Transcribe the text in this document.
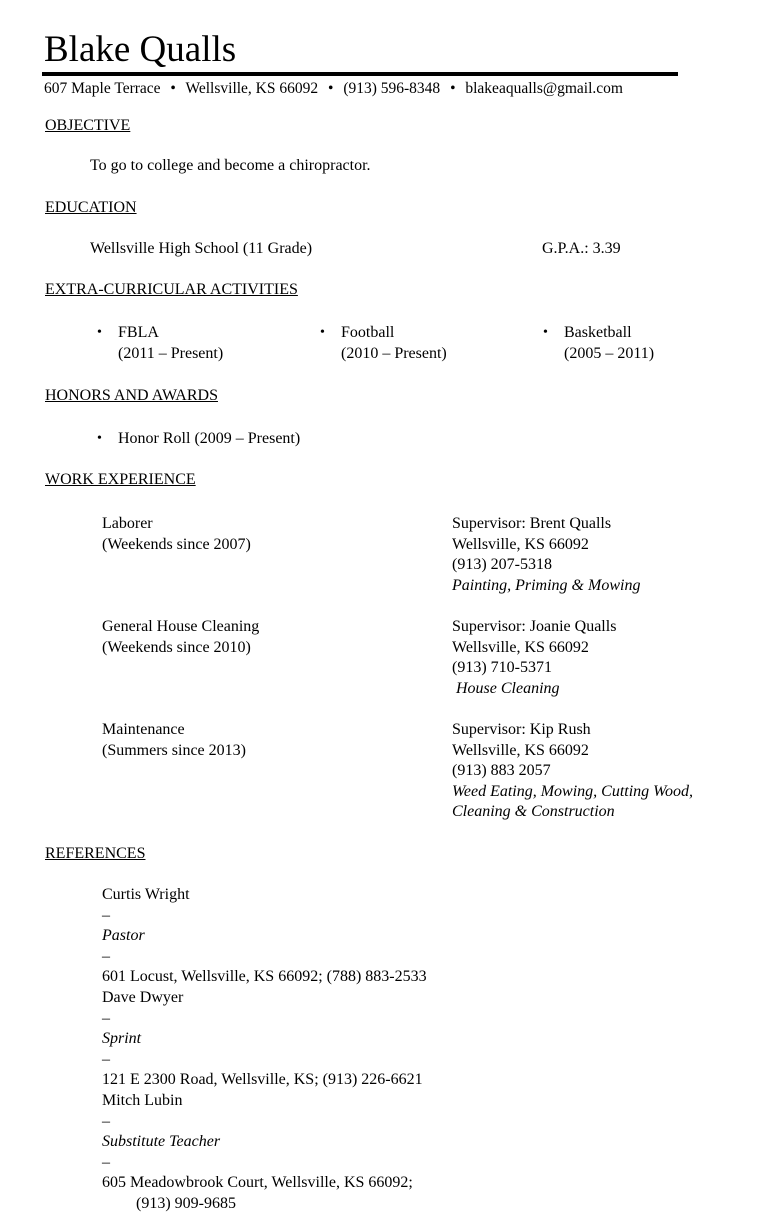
Blake Qualls
607 Maple Terrace • Wellsville, KS 66092 • (913) 596-8348 • blakeaqualls@gmail.com
OBJECTIVE
To go to college and become a chiropractor.
EDUCATION
Wellsville High School (11 Grade)	G.P.A.: 3.39
EXTRA-CURRICULAR ACTIVITIES
• FBLA
(2011 – Present)
• Football
(2010 – Present)
• Basketball
(2005 – 2011)
HONORS AND AWARDS
• Honor Roll (2009 – Present)
WORK EXPERIENCE
Laborer
(Weekends since 2007)
Supervisor: Brent Qualls
Wellsville, KS 66092
(913) 207-5318
Painting, Priming & Mowing
General House Cleaning
(Weekends since 2010)
Supervisor: Joanie Qualls
Wellsville, KS 66092
(913) 710-5371
House Cleaning
Maintenance
(Summers since 2013)
Supervisor: Kip Rush
Wellsville, KS 66092
(913) 883 2057
Weed Eating, Mowing, Cutting Wood,
Cleaning & Construction
REFERENCES
Curtis Wright
–
Pastor
–
601 Locust, Wellsville, KS 66092; (788) 883-2533
Dave Dwyer
–
Sprint
–
121 E 2300 Road, Wellsville, KS; (913) 226-6621
Mitch Lubin
–
Substitute Teacher
–
605 Meadowbrook Court, Wellsville, KS 66092;
(913) 909-9685
